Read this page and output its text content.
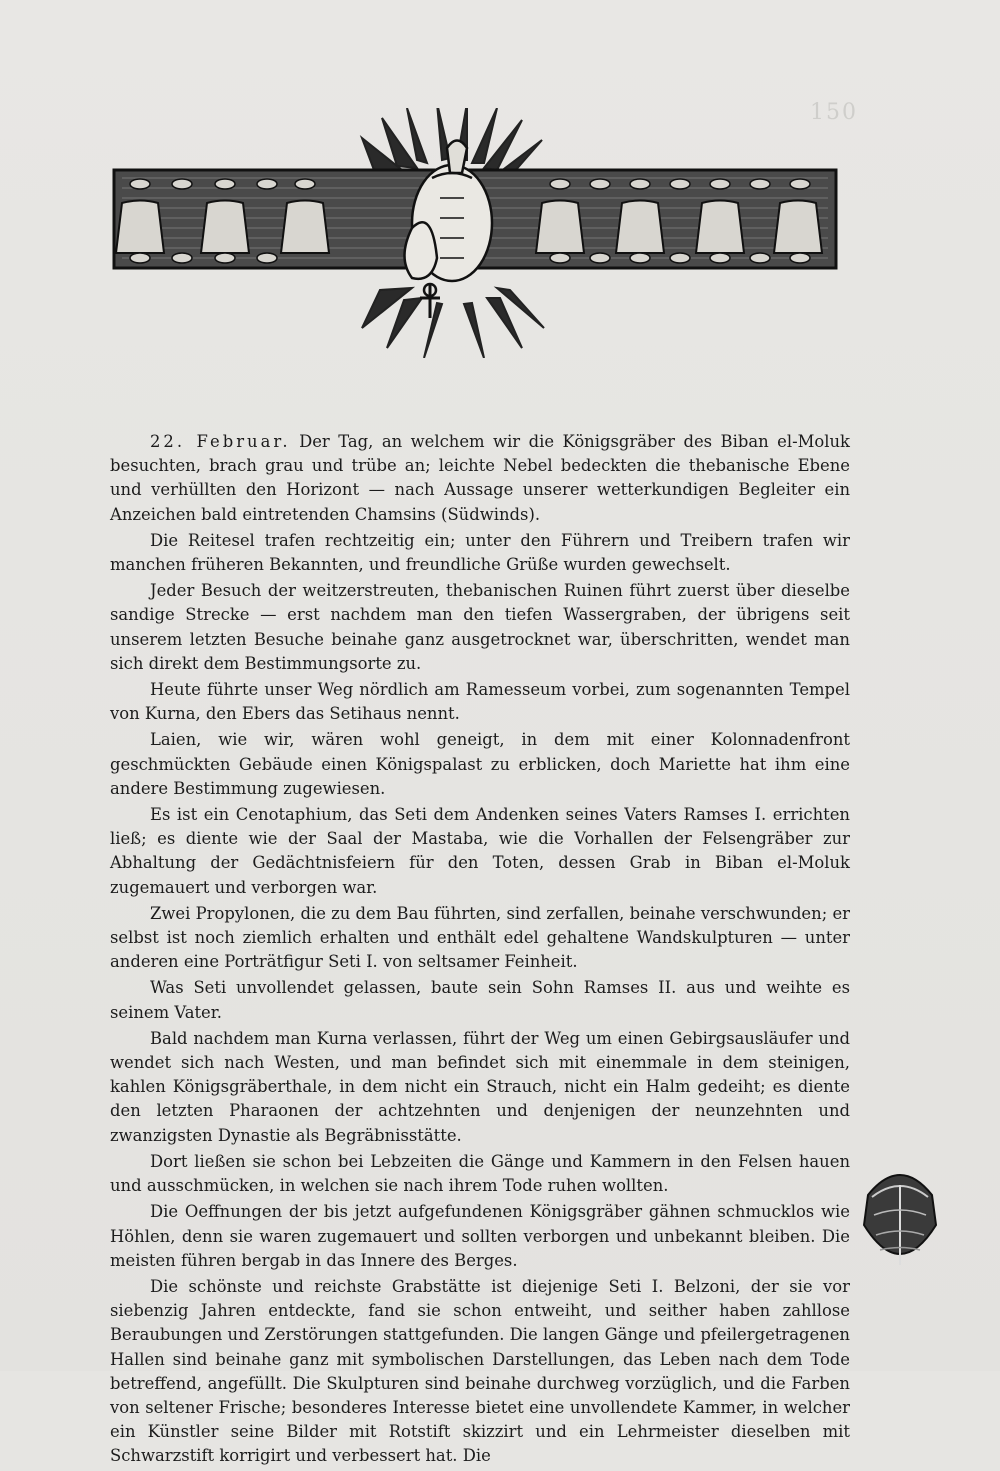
150

22. Februar. Der Tag, an welchem wir die Königsgräber des Biban el-Moluk besuchten, brach grau und trübe an; leichte Nebel bedeckten die thebanische Ebene und verhüllten den Horizont — nach Aussage unserer wetterkundigen Begleiter ein Anzeichen bald eintretenden Chamsins (Südwinds).

Die Reitesel trafen rechtzeitig ein; unter den Führern und Treibern trafen wir manchen früheren Bekannten, und freundliche Grüße wurden gewechselt.

Jeder Besuch der weitzerstreuten, thebanischen Ruinen führt zuerst über dieselbe sandige Strecke — erst nachdem man den tiefen Wassergraben, der übrigens seit unserem letzten Besuche beinahe ganz ausgetrocknet war, überschritten, wendet man sich direkt dem Bestimmungsorte zu.

Heute führte unser Weg nördlich am Ramesseum vorbei, zum sogenannten Tempel von Kurna, den Ebers das Setihaus nennt.

Laien, wie wir, wären wohl geneigt, in dem mit einer Kolonnadenfront geschmückten Gebäude einen Königspalast zu erblicken, doch Mariette hat ihm eine andere Bestimmung zugewiesen.

Es ist ein Cenotaphium, das Seti dem Andenken seines Vaters Ramses I. errichten ließ; es diente wie der Saal der Mastaba, wie die Vorhallen der Felsengräber zur Abhaltung der Gedächtnisfeiern für den Toten, dessen Grab in Biban el-Moluk zugemauert und verborgen war.

Zwei Propylonen, die zu dem Bau führten, sind zerfallen, beinahe verschwunden; er selbst ist noch ziemlich erhalten und enthält edel gehaltene Wandskulpturen — unter anderen eine Porträtfigur Seti I. von seltsamer Feinheit.

Was Seti unvollendet gelassen, baute sein Sohn Ramses II. aus und weihte es seinem Vater.

Bald nachdem man Kurna verlassen, führt der Weg um einen Gebirgsausläufer und wendet sich nach Westen, und man befindet sich mit einemmale in dem steinigen, kahlen Königsgräberthale, in dem nicht ein Strauch, nicht ein Halm gedeiht; es diente den letzten Pharaonen der achtzehnten und denjenigen der neunzehnten und zwanzigsten Dynastie als Begräbnisstätte.

Dort ließen sie schon bei Lebzeiten die Gänge und Kammern in den Felsen hauen und ausschmücken, in welchen sie nach ihrem Tode ruhen wollten.

Die Oeffnungen der bis jetzt aufgefundenen Königsgräber gähnen schmucklos wie Höhlen, denn sie waren zugemauert und sollten verborgen und unbekannt bleiben. Die meisten führen bergab in das Innere des Berges.

Die schönste und reichste Grabstätte ist diejenige Seti I. Belzoni, der sie vor siebenzig Jahren entdeckte, fand sie schon entweiht, und seither haben zahllose Beraubungen und Zerstörungen stattgefunden. Die langen Gänge und pfeilergetragenen Hallen sind beinahe ganz mit symbolischen Darstellungen, das Leben nach dem Tode betreffend, angefüllt. Die Skulpturen sind beinahe durchweg vorzüglich, und die Farben von seltener Frische; besonderes Interesse bietet eine unvollendete Kammer, in welcher ein Künstler seine Bilder mit Rotstift skizzirt und ein Lehrmeister dieselben mit Schwarzstift korrigirt und verbessert hat. Die
